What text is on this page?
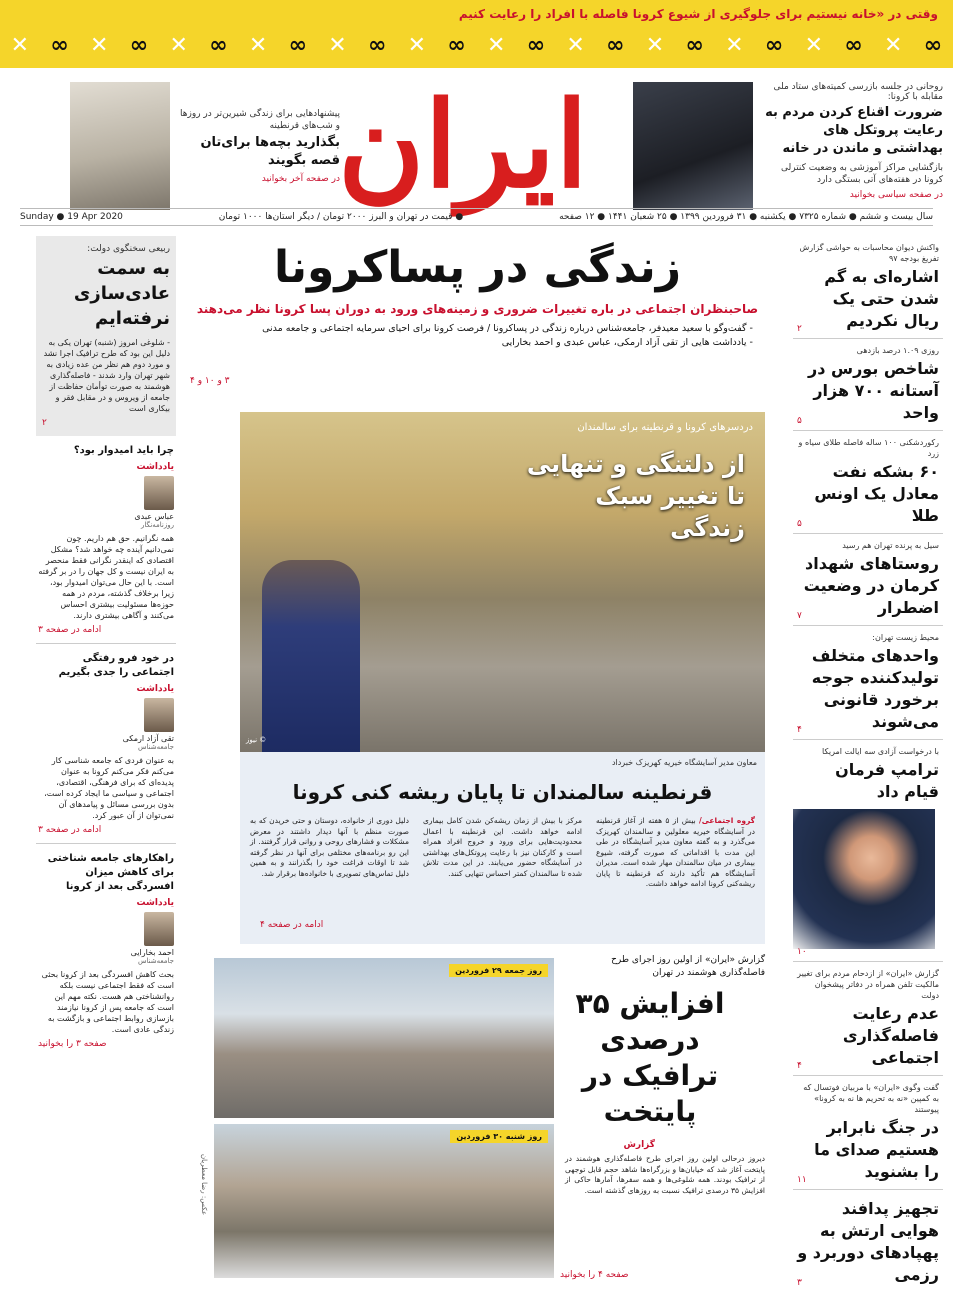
وقتی در «خانه نیستیم برای جلوگیری از شیوع کرونا فاصله با افراد را رعایت کنیم
✕ ∞ ✕ ∞ ✕ ∞ ✕ ∞ ✕ ∞ ✕ ∞ ✕ ∞ ✕ ∞ ✕ ∞ ✕ ∞ ✕ ∞ ✕ ∞
روحانی در جلسه بازرسی کمیته‌های ستاد ملی مقابله با کرونا:
ضرورت اقناع کردن مردم به رعایت پروتکل های بهداشتی و ماندن در خانه
بازگشایی مراکز آموزشی به وضعیت کنترلی کرونا در هفته‌های آتی بستگی دارد
در صفحه سیاسی بخوانید
ایران
پیشنهادهایی برای زندگی شیرین‌تر در روزها و شب‌های قرنطینه
بگذارید بچه‌ها برای‌تان قصه بگویند
در صفحه آخر بخوانید
سال بیست و ششم ● شماره ۷۳۲۵ ● یکشنبه ● ۳۱ فروردین ۱۳۹۹ ● ۲۵ شعبان ۱۴۴۱ ● ۱۲ صفحه
● قیمت در تهران و البرز ۲۰۰۰ تومان / دیگر استان‌ها ۱۰۰۰ تومان
Sunday ● 19 Apr 2020
واکنش دیوان محاسبات به حواشی گزارش تفریغ بودجه ۹۷
اشاره‌ای به گم شدن حتی یک ریال نکردیم
۲
روزی ۱.۰۹ درصد بازدهی
شاخص بورس در آستانه ۷۰۰ هزار واحد
۵
رکوردشکنی ۱۰۰ ساله فاصله طلای سیاه و زرد
۶۰ بشکه نفت معادل یک اونس طلا
۵
سیل به پرنده تهران هم رسید
روستاهای شهداد کرمان در وضعیت اضطرار
۷
محیط زیست تهران:
واحدهای متخلف تولیدکننده جوجه برخورد قانونی می‌شوند
۴
با درخواست آزادی سه ایالت امریکا
ترامپ فرمان قیام داد
۱۰
گزارش «ایران» از ازدحام مردم برای تغییر مالکیت تلفن همراه در دفاتر پیشخوان دولت
عدم رعایت فاصله‌گذاری اجتماعی
۴
گفت وگوی «ایران» با مربیان فوتسال که به کمپین «نه به تحریم ها نه به کرونا» پیوستند
در جنگ نابرابر هستیم صدای ما را بشنوید
۱۱
تجهیز پدافند هوایی ارتش به پهپادهای دوربرد و رزمی
۳
ربیعی سخنگوی دولت:
به سمت عادی‌سازی نرفته‌ایم
- شلوغی امروز (شنبه) تهران یکی به دلیل این بود که طرح ترافیک اجرا نشد و مورد دوم هم نظر من عده زیادی به شهر تهران وارد شدند - فاصله‌گذاری هوشمند به صورت توأمان حفاظت از جامعه از ویروس و در مقابل فقر و بیکاری است
۲
چرا باید امیدوار بود؟
یادداشت
عباس عبدی
روزنامه‌نگار
همه نگرانیم. حق هم داریم. چون نمی‌دانیم آینده چه خواهد شد؟ مشکل اقتصادی که اینقدر نگرانی فقط منحصر به ایران نیست و کل جهان را در بر گرفته است. با این حال می‌توان امیدوار بود، زیرا برخلاف گذشته، مردم در همه حوزه‌ها مسئولیت بیشتری احساس می‌کنند و آگاهی بیشتری دارند.
ادامه در صفحه ۳
در خود فرو رفتگی اجتماعی را جدی بگیریم
یادداشت
تقی آزاد ارمکی
جامعه‌شناس
به عنوان فردی که جامعه شناسی کار می‌کنم فکر می‌کنم کرونا به عنوان پدیده‌ای که برای فرهنگی، اقتصادی، اجتماعی و سیاسی ما ایجاد کرده است، بدون بررسی مسائل و پیامدهای آن نمی‌توان از آن عبور کرد.
ادامه در صفحه ۳
راهکارهای جامعه شناختی برای کاهش میزان افسردگی بعد از کرونا
یادداشت
احمد بخارایی
جامعه‌شناس
بحث کاهش افسردگی بعد از کرونا بحثی است که فقط اجتماعی نیست بلکه روانشناختی هم هست. نکته مهم این است که جامعه پس از کرونا نیازمند بازسازی روابط اجتماعی و بازگشت به زندگی عادی است.
صفحه ۳ را بخوانید
زندگی در پساکرونا
صاحبنظران اجتماعی در باره تغییرات ضروری و زمینه‌های ورود به دوران پسا کرونا نظر می‌دهند
- گفت‌وگو با سعید معیدفر، جامعه‌شناس درباره زندگی در پساکرونا / فرصت کرونا برای احیای سرمایه اجتماعی و جامعه مدنی
- یادداشت هایی از تقی آزاد ارمکی، عباس عبدی و احمد بخارایی
۳ و ۱۰ و ۴
دردسرهای کرونا و قرنطینه برای سالمندان
از دلتنگی و تنهایی تا تغییر سبک زندگی
© نیوز
معاون مدیر آسایشگاه خیریه کهریزک خبرداد
قرنطینه سالمندان تا پایان ریشه کنی کرونا
گروه اجتماعی/ بیش از ۵ هفته از آغاز قرنطینه در آسایشگاه خیریه معلولین و سالمندان کهریزک می‌گذرد و به گفته معاون مدیر آسایشگاه در طی این مدت با اقداماتی که صورت گرفته، شیوع بیماری در میان سالمندان مهار شده است. مدیران آسایشگاه هم تأکید دارند که قرنطینه تا پایان ریشه‌کنی کرونا ادامه خواهد داشت.
مرکز با بیش از زمان ریشه‌کن شدن کامل بیماری ادامه خواهد داشت. این قرنطینه با اعمال محدودیت‌هایی برای ورود و خروج افراد همراه است و کارکنان نیز با رعایت پروتکل‌های بهداشتی در آسایشگاه حضور می‌یابند. در این مدت تلاش شده تا سالمندان کمتر احساس تنهایی کنند.
دلیل دوری از خانواده، دوستان و حتی خریدن که به صورت منظم با آنها دیدار داشتند در معرض مشکلات و فشارهای روحی و روانی قرار گرفتند. از این رو برنامه‌های مختلفی برای آنها در نظر گرفته شد تا اوقات فراغت خود را بگذرانند و به همین دلیل تماس‌های تصویری با خانواده‌ها برقرار شد.
ادامه در صفحه ۴
روز جمعه ۲۹ فروردین
روز شنبه ۳۰ فروردین
عکس: رضا معطریان
گزارش «ایران» از اولین روز اجرای طرح فاصله‌گذاری هوشمند در تهران
افزایش ۳۵ درصدی ترافیک در پایتخت
گزارش
دیروز درحالی اولین روز اجرای طرح فاصله‌گذاری هوشمند در پایتخت آغاز شد که خیابان‌ها و بزرگراه‌ها شاهد حجم قابل توجهی از ترافیک بودند. همه شلوغی‌ها و همه سفرها، آمارها حاکی از افزایش ۳۵ درصدی ترافیک نسبت به روزهای گذشته است.
صفحه ۴ را بخوانید
